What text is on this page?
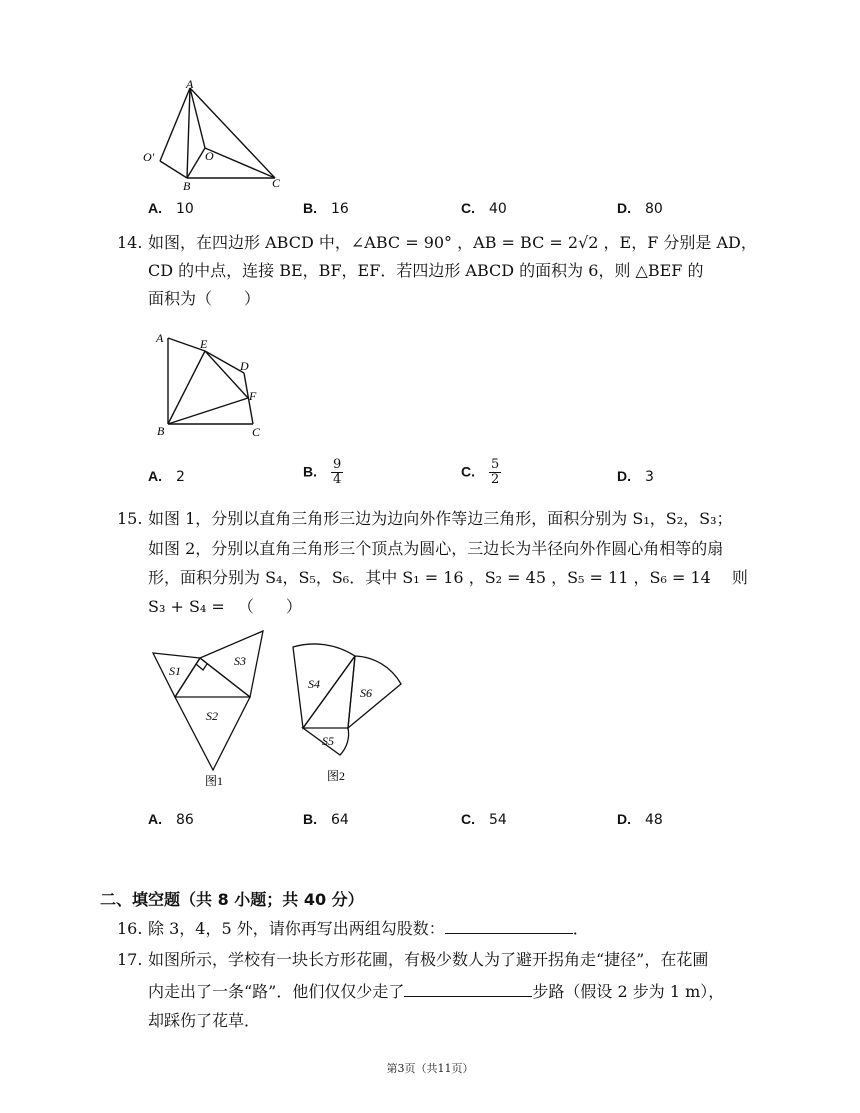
A
O'	O
B	C
A. 10	B. 16	C. 40	D. 80
14. 如图，在四边形 ABCD 中，∠ABC = 90° ，AB = BC = 2√2 ，E，F 分别是 AD，
CD 的中点，连接 BE，BF，EF．若四边形 ABCD 的面积为 6，则 △BEF 的
面积为（　　）
A	E
D
F
B	C
A. 2	B. $\frac{9}{4}$	C. $\frac{5}{2}$	D. 3
15. 如图 1，分别以直角三角形三边为边向外作等边三角形，面积分别为 S₁，S₂，S₃；
如图 2，分别以直角三角形三个顶点为圆心，三边长为半径向外作圆心角相等的扇
形，面积分别为 S₄，S₅，S₆．其中 S₁ = 16 ，S₂ = 45 ，S₅ = 11 ，S₆ = 14 　则
S₃ + S₄ = 　（　　）
S1
S3
S2
图1
S4
S6
S5
图2
A. 86	B. 64	C. 54	D. 48
二、填空题（共 8 小题；共 40 分）
16. 除 3，4，5 外，请你再写出两组勾股数：	．
17. 如图所示，学校有一块长方形花圃，有极少数人为了避开拐角走“捷径”，在花圃
内走出了一条“路”．他们仅仅少走了	步路（假设 2 步为 1 m），
却踩伤了花草．
第3页（共11页）
